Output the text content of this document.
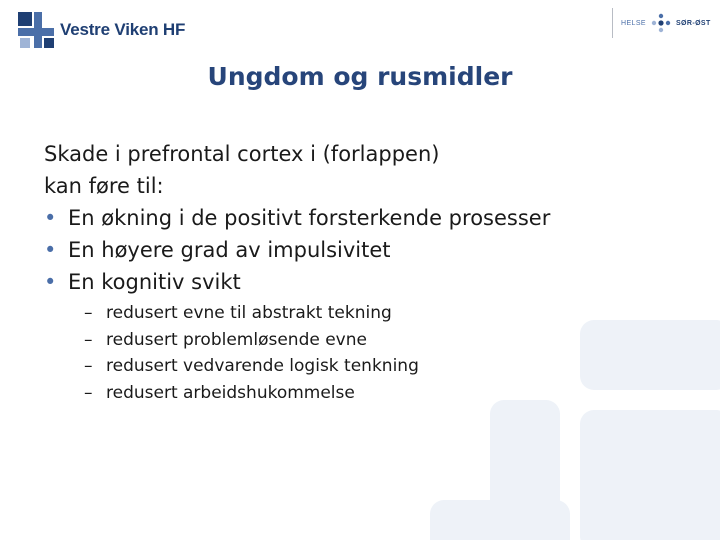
Vestre Viken HF	HELSE	SØR-ØST
Ungdom og rusmidler
Skade i prefrontal cortex i (forlappen)
kan føre til:
• En økning i de positivt forsterkende prosesser
• En høyere grad av impulsivitet
• En kognitiv svikt
– redusert evne til abstrakt tekning
– redusert problemløsende evne
– redusert vedvarende logisk tenkning
– redusert arbeidshukommelse
